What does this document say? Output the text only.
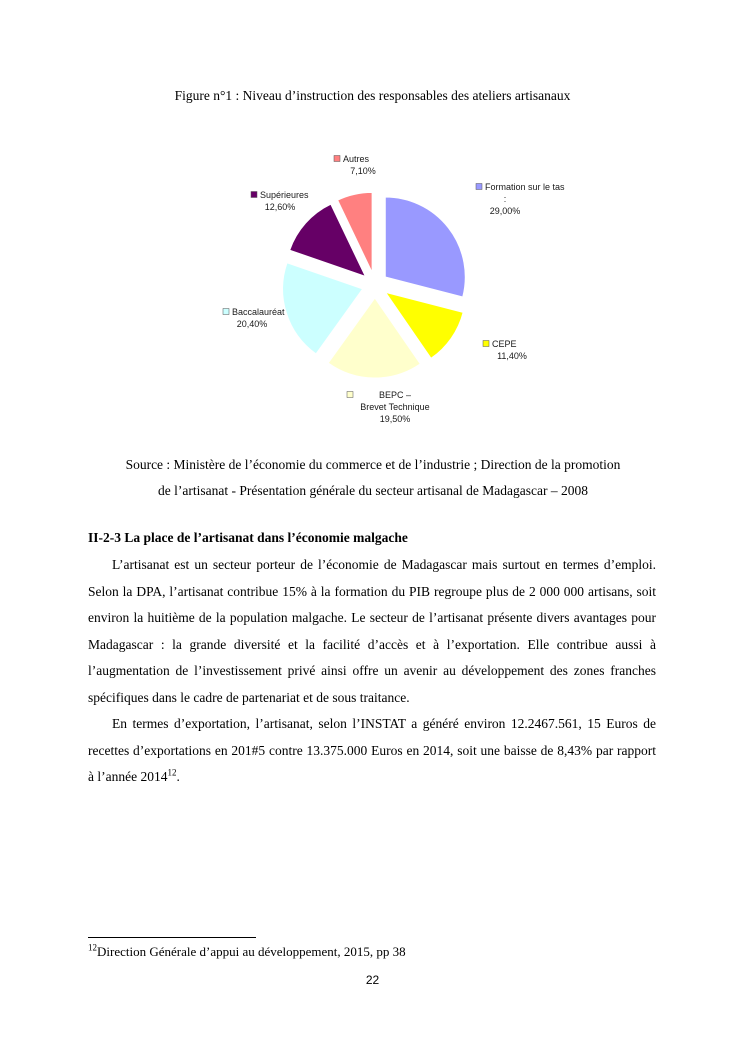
Figure n°1 : Niveau d’instruction des responsables des ateliers artisanaux
Formation sur le tas : 29,00%
CEPE 11,40%
BEPC – Brevet Technique 19,50%
Baccalauréat 20,40%
Supérieures 12,60%
Autres 7,10%
Source : Ministère de l’économie du commerce et de l’industrie ; Direction de la promotion
de l’artisanat - Présentation générale du secteur artisanal de Madagascar – 2008
II-2-3 La place de l’artisanat dans l’économie malgache

L’artisanat est un secteur porteur de l’économie de Madagascar mais surtout en termes d’emploi. Selon la DPA, l’artisanat contribue 15% à la formation du PIB regroupe plus de 2 000 000 artisans, soit environ la huitième de la population malgache. Le secteur de l’artisanat présente divers avantages pour Madagascar : la grande diversité et la facilité d’accès et à l’exportation. Elle contribue aussi à l’augmentation de l’investissement privé ainsi offre un avenir au développement des zones franches spécifiques dans le cadre de partenariat et de sous traitance.

En termes d’exportation, l’artisanat, selon l’INSTAT a généré environ 12.2467.561, 15 Euros de recettes d’exportations en 201#5 contre 13.375.000 Euros en 2014, soit une baisse de 8,43% par rapport à l’année 2014$^{12}$.

$^{12}$Direction Générale d’appui au développement, 2015, pp 38
22
